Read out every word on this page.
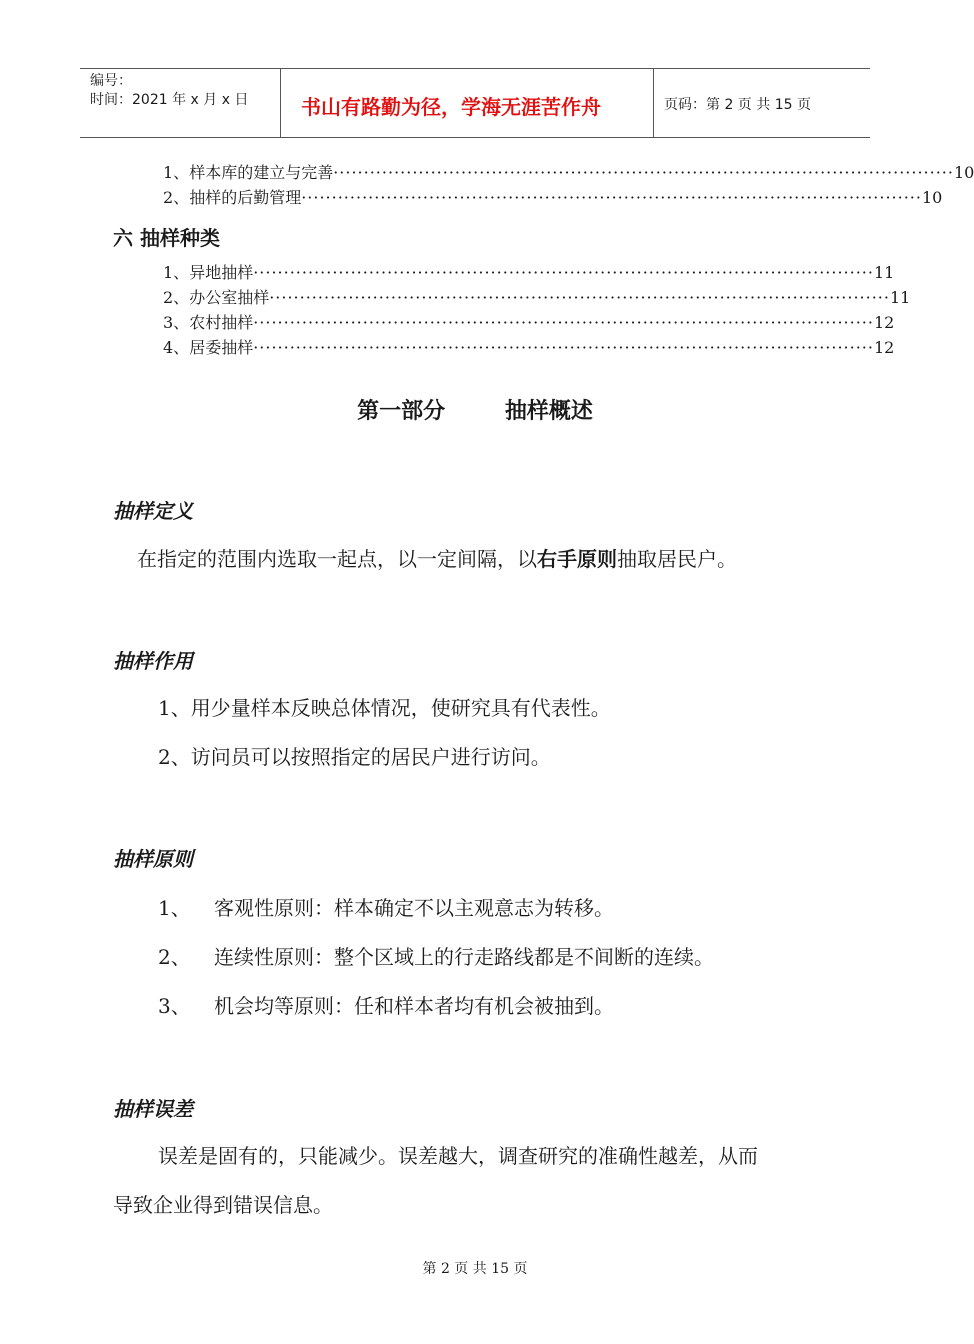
编号：
时间：2021 年 x 月 x 日	书山有路勤为径，学海无涯苦作舟	页码：第 2 页 共 15 页
1、 样本库的建立与完善 ······································································································ 10
2、 抽样的后勤管理 ······································································································ 10
六 抽样种类
1、 异地抽样 ······································································································ 11
2、 办公室抽样 ······································································································ 11
3、 农村抽样 ······································································································ 12
4、 居委抽样 ······································································································ 12
第一部分	抽样概述
抽样定义
在指定的范围内选取一起点，以一定间隔，以右手原则抽取居民户。
抽样作用
1、用少量样本反映总体情况，使研究具有代表性。
2、访问员可以按照指定的居民户进行访问。
抽样原则
1、	客观性原则：样本确定不以主观意志为转移。
2、	连续性原则：整个区域上的行走路线都是不间断的连续。
3、	机会均等原则：任和样本者均有机会被抽到。
抽样误差
误差是固有的，只能减少。误差越大，调查研究的准确性越差，从而
导致企业得到错误信息。
第 2 页 共 15 页
